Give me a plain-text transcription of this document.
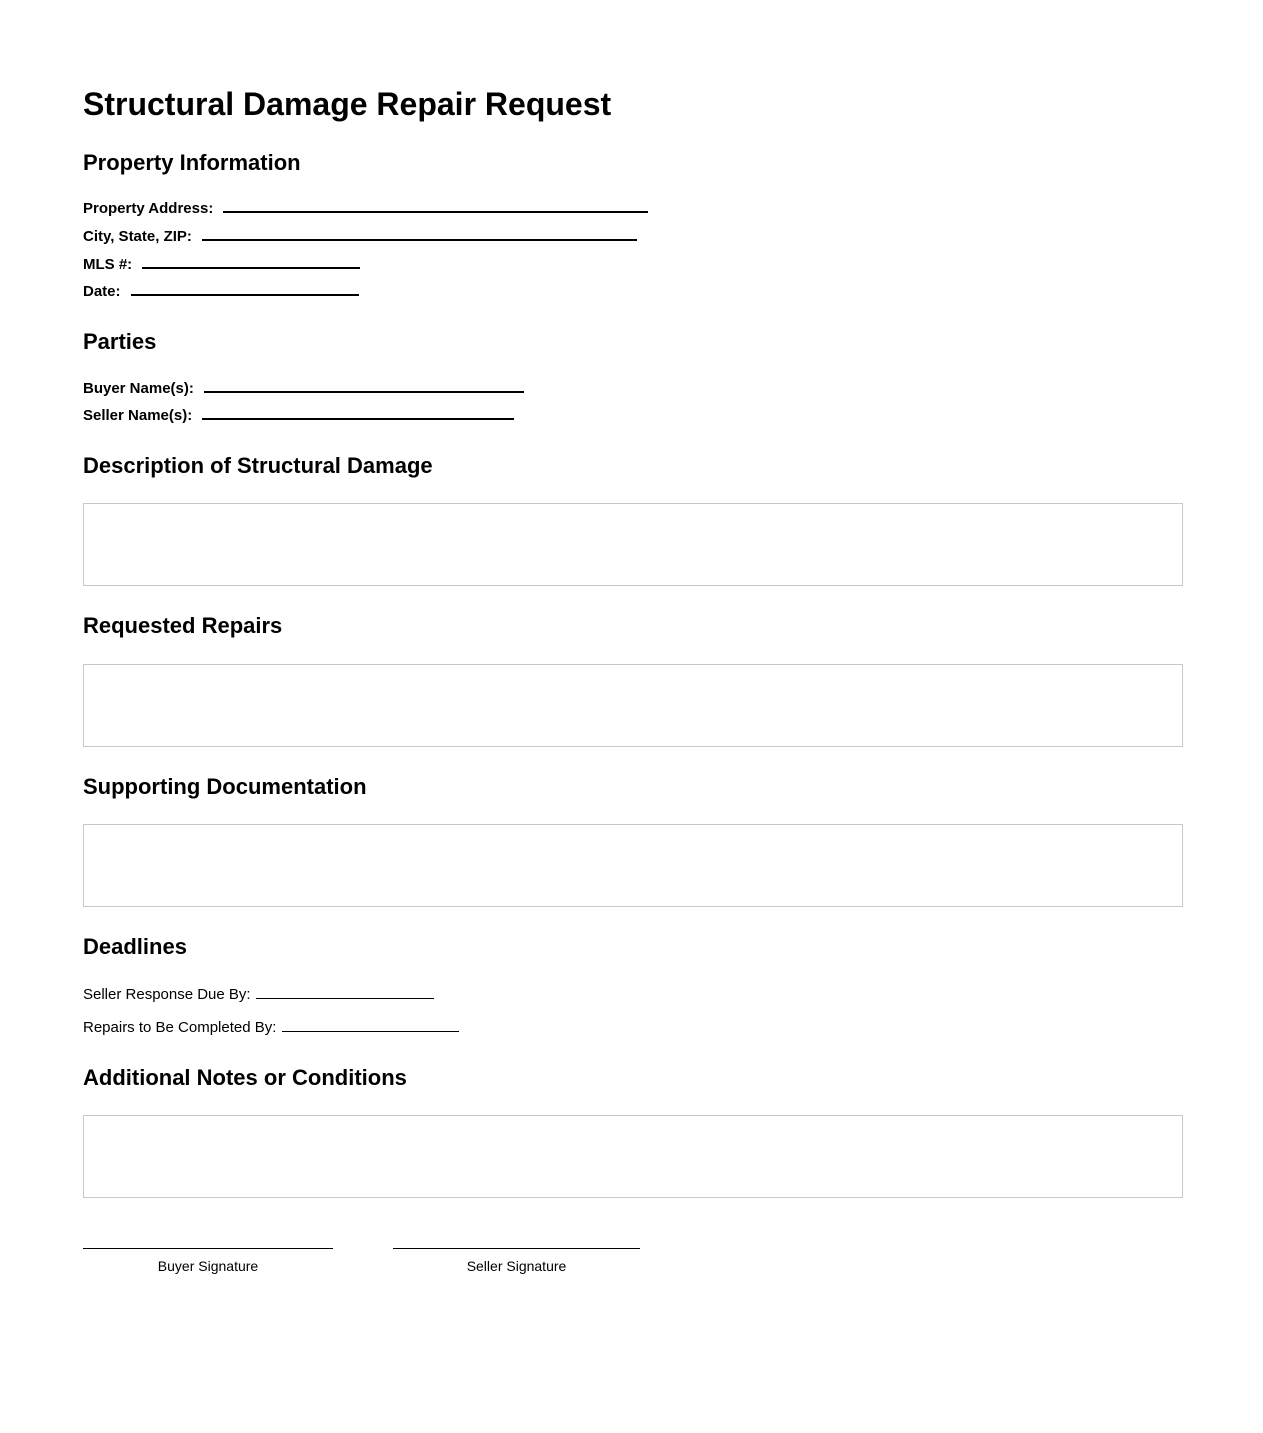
Structural Damage Repair Request
Property Information

Property Address:

City, State, ZIP:

MLS #:

Date:

Parties

Buyer Name(s):

Seller Name(s):

Description of Structural Damage
Requested Repairs
Supporting Documentation
Deadlines

Seller Response Due By:

Repairs to Be Completed By:

Additional Notes or Conditions
Buyer Signature	Seller Signature
